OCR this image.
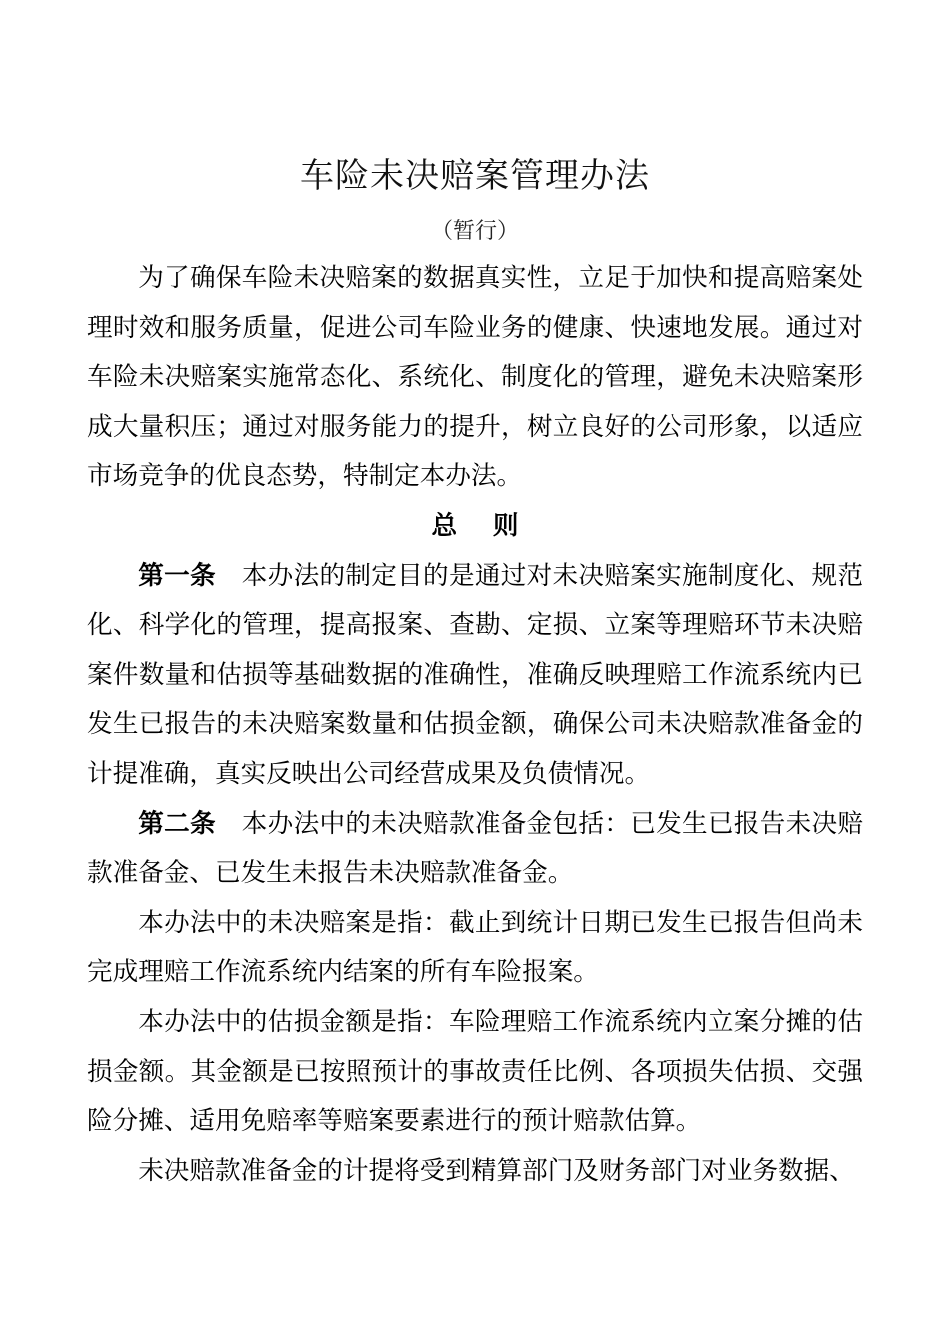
车险未决赔案管理办法
（暂行）

为了确保车险未决赔案的数据真实性，立足于加快和提高赔案处理时效和服务质量，促进公司车险业务的健康、快速地发展。通过对车险未决赔案实施常态化、系统化、制度化的管理，避免未决赔案形成大量积压；通过对服务能力的提升，树立良好的公司形象，以适应市场竞争的优良态势，特制定本办法。

总 则

第一条 本办法的制定目的是通过对未决赔案实施制度化、规范化、科学化的管理，提高报案、查勘、定损、立案等理赔环节未决赔案件数量和估损等基础数据的准确性，准确反映理赔工作流系统内已发生已报告的未决赔案数量和估损金额，确保公司未决赔款准备金的计提准确，真实反映出公司经营成果及负债情况。

第二条 本办法中的未决赔款准备金包括：已发生已报告未决赔款准备金、已发生未报告未决赔款准备金。

本办法中的未决赔案是指：截止到统计日期已发生已报告但尚未完成理赔工作流系统内结案的所有车险报案。

本办法中的估损金额是指：车险理赔工作流系统内立案分摊的估损金额。其金额是已按照预计的事故责任比例、各项损失估损、交强险分摊、适用免赔率等赔案要素进行的预计赔款估算。

未决赔款准备金的计提将受到精算部门及财务部门对业务数据、
